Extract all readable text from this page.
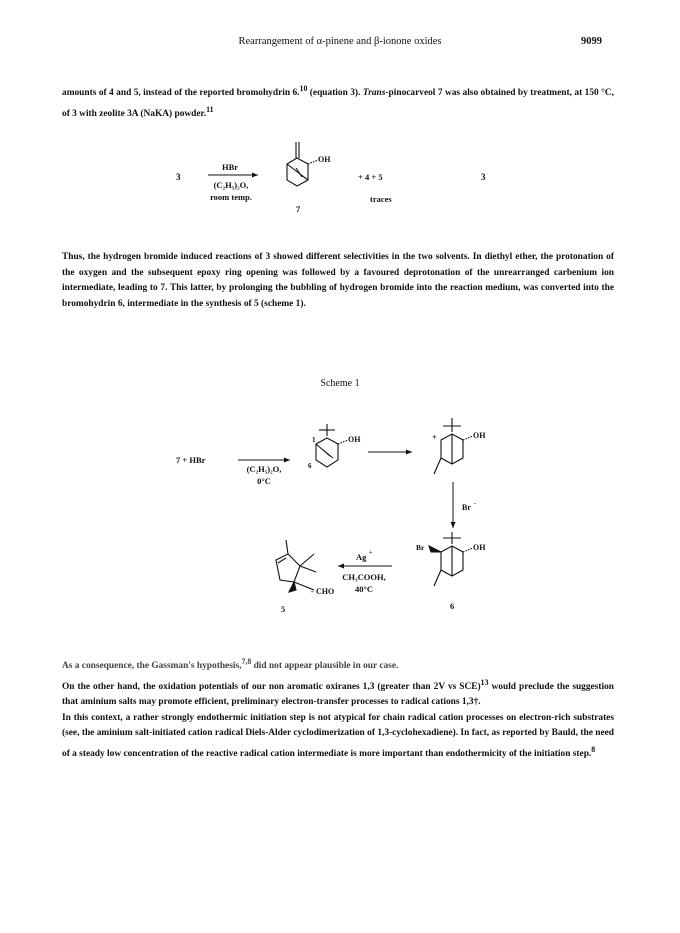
Rearrangement of α-pinene and β-ionone oxides	9099

amounts of 4 and 5, instead of the reported bromohydrin 6.10 (equation 3). Trans-pinocarveol 7 was also obtained by treatment, at 150 °C, of 3 with zeolite 3A (NaKA) powder.$^{11}$

3
HBr
(C₂H₅)₂O,
room temp.
OH
7
+ 4 + 5
traces
3

Thus, the hydrogen bromide induced reactions of 3 showed different selectivities in the two solvents. In diethyl ether, the protonation of the oxygen and the subsequent epoxy ring opening was followed by a favoured deprotonation of the unrearranged carbenium ion intermediate, leading to 7. This latter, by prolonging the bubbling of hydrogen bromide into the reaction medium, was converted into the bromohydrin 6, intermediate in the synthesis of 5 (scheme 1).

Scheme 1
7 + HBr
(C₂H₅)₂O,
0°C
1
6
OH	+	OH
Br -
Br	OH
6
Ag +
CH₃COOH,
40°C
CHO
5
-

As a consequence, the Gassman's hypothesis,$^{7,8}$ did not appear plausible in our case.

On the other hand, the oxidation potentials of our non aromatic oxiranes 1,3 (greater than 2V vs SCE)$^{13}$ would preclude the suggestion that aminium salts may promote efficient, preliminary electron-transfer processes to radical cations 1,3†.

In this context, a rather strongly endothermic initiation step is not atypical for chain radical cation processes on electron-rich substrates (see, the aminium salt-initiated cation radical Diels-Alder cyclodimerization of 1,3-cyclohexadiene). In fact, as reported by Bauld, the need of a steady low concentration of the reactive radical cation intermediate is more important than endothermicity of the initiation step.$^8$
